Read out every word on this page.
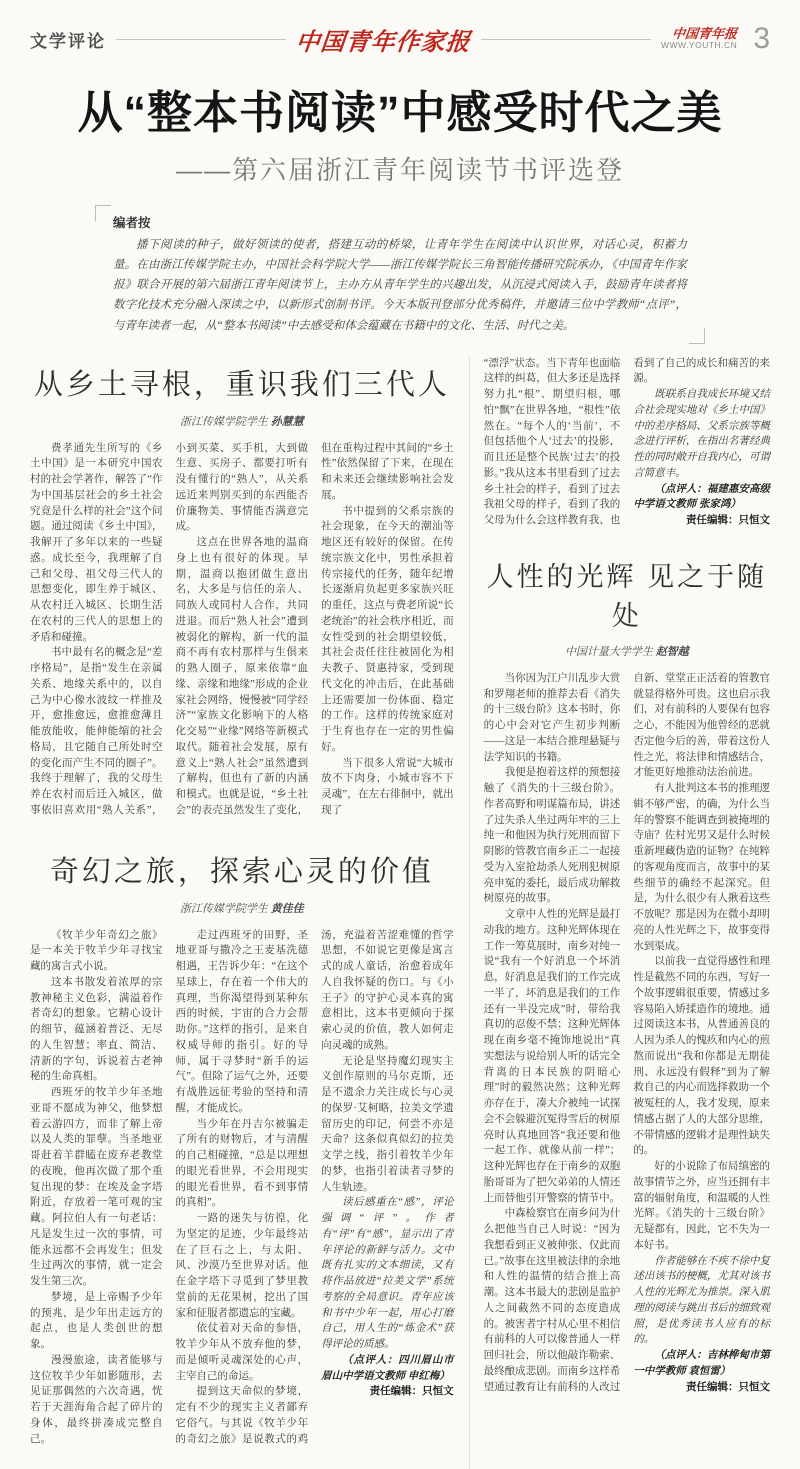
文学评论	中国青年作家报	中国青年报
WWW.YOUTH.CN 3
从“整本书阅读”中感受时代之美
——第六届浙江青年阅读节书评选登

编者按

播下阅读的种子，做好领读的使者，搭建互动的桥梁，让青年学生在阅读中认识世界，对话心灵，积蓄力量。在由浙江传媒学院主办，中国社会科学院大学——浙江传媒学院长三角智能传播研究院承办，《中国青年作家报》联合开展的第六届浙江青年阅读节上，主办方从青年学生的兴趣出发，从沉浸式阅读入手，鼓励青年读者将数字化技术充分融入深读之中，以新形式创制书评。今天本版刊登部分优秀稿件，并邀请三位中学教师“点评”，与青年读者一起，从“整本书阅读”中去感受和体会蕴藏在书籍中的文化、生活、时代之美。

从乡土寻根，重识我们三代人

浙江传媒学院学生 孙慧慧

费孝通先生所写的《乡土中国》是一本研究中国农村的社会学著作，解答了“作为中国基层社会的乡土社会究竟是什么样的社会”这个问题。通过阅读《乡土中国》，我解开了多年以来的一些疑惑。成长至今，我理解了自己和父母、祖父母三代人的思想变化，即生养于城区、从农村迁入城区、长期生活在农村的三代人的思想上的矛盾和碰撞。

书中最有名的概念是“差序格局”，是指“发生在亲属关系、地缘关系中的，以自己为中心像水波纹一样推及开，愈推愈远，愈推愈薄且能放能收，能伸能缩的社会格局，且它随自己所处时空的变化而产生不同的圈子”。我终于理解了，我的父母生养在农村而后迁入城区，做事依旧喜欢用“熟人关系”，小到买菜、买手机，大到做生意、买房子、都要打听有没有懂行的“熟人”，从关系远近来判别买到的东西能否价廉物美、事情能否满意完成。

这点在世界各地的温商身上也有很好的体现。早期，温商以抱团做生意出名，大多是与信任的亲人、同族人或同村人合作，共同进退。而后“熟人社会”遭到被弱化的解构，新一代的温商不再有农村那样与生俱来的熟人圈子，原来依靠“血缘、亲缘和地缘”形成的企业家社会网络，慢慢被“同学经济”“家族文化影响下的人格化交易”“业缘”网络等新模式取代。随着社会发展，原有意义上“熟人社会”虽然遭到了解构，但也有了新的内涵和模式。也就是说，“乡土社会”的表壳虽然发生了变化，但在重构过程中其间的“乡土性”依然保留了下来，在现在和未来还会继续影响社会发展。

书中提到的父系宗族的社会现象，在今天的潮汕等地区还有较好的保留。在传统宗族文化中，男性承担着传宗接代的任务，随年纪增长逐渐肩负起更多家族兴旺的重任，这点与费老所说“长老统治”的社会秩序相近，而女性受到的社会期望较低，其社会责任往往被固化为相夫教子、贤惠持家，受到现代文化的冲击后，在此基础上还需要加一份体面、稳定的工作。这样的传统家庭对于生育也存在一定的男性偏好。

当下很多人常说“大城市放不下肉身，小城市容不下灵魂”，在左右徘徊中，就出现了

奇幻之旅，探索心灵的价值

浙江传媒学院学生 黄佳佳

《牧羊少年奇幻之旅》是一本关于牧羊少年寻找宝藏的寓言式小说。

这本书散发着浓厚的宗教神秘主义色彩，满溢着作者奇幻的想象。它精心设计的细节，蕴涵着普泛、无尽的人生智慧；率直、简洁、清新的字句，诉说着古老神秘的生命真相。

西班牙的牧羊少年圣地亚哥不愿成为神父，他梦想着云游四方，而非了解上帝以及人类的罪孽。当圣地亚哥赶着羊群瞌在废弃老教堂的夜晚，他再次做了那个重复出现的梦：在埃及金字塔附近，存放着一笔可观的宝藏。阿拉伯人有一句老话：凡是发生过一次的事情，可能永远都不会再发生；但发生过两次的事情，就一定会发生第三次。

梦境，是上帝赐予少年的预兆，是少年出走远方的起点，也是人类创世的想象。

漫漫旅途，读者能够与这位牧羊少年如影随形，去见证那偶然的六次奇遇，恍若于天涯海角合起了碎片的身体，最终拼凑成完整自己。

走过西班牙的田野，圣地亚哥与撒冷之王麦基洗德相遇，王告诉少年：“在这个星球上，存在着一个伟大的真理，当你渴望得到某种东西的时候，宇宙的合力会帮助你。”这样的指引，是来自权威导师的指引。好的导师，属于寻梦时“新手的运气”。但除了运气之外，还要有战胜远征考验的坚持和清醒，才能成长。

当少年在丹吉尔被骗走了所有的财物后，才与清醒的自己相碰撞，“总是以理想的眼光看世界，不会用现实的眼光看世界，看不到事情的真相”。

一路的迷失与彷徨，化为坚定的足迹，少年最终站在了巨石之上，与太阳、风、沙漠乃至世界对话。他在金字塔下寻觅到了梦里教堂前的无花果树，挖出了国家和征服者都遗忘的宝藏。

依仗着对天命的参悟，牧羊少年从不放弃他的梦，而是倾听灵魂深处的心声，主宰自己的命运。

提到这天命似的梦境，定有不少的现实主义者鄙弃它俗气。与其说《牧羊少年的奇幻之旅》是说教式的鸡汤，充溢着苦涩难懂的哲学思想，不如说它更像是寓言式的成人童话，治愈着成年人自我怀疑的伤口。与《小王子》的守护心灵本真的寓意相比，这本书更倾向于探索心灵的价值，教人如何走向灵魂的成熟。

无论是坚持魔幻现实主义创作原则的马尔克斯，还是不遗余力关注成长与心灵的保罗·艾柯略，拉美文学遗留历史的印记，何尝不亦是天命？这条似真似幻的拉美文学之线，指引着牧羊少年的梦，也指引着读者寻梦的人生轨迹。

读后感重在“感”，评论强调“评”。作者有“评”有“感”，显示出了青年评论的新鲜与活力。文中既有扎实的文本细读，又有将作品放进“拉美文学”系统考察的全局意识。青年应该和书中少年一起，用心打磨自己，用人生的“炼金术”获得评论的质感。

（点评人：四川眉山市眉山中学语文教师 申红梅）

责任编辑：只恒文

“漂浮”状态。当下青年也面临这样的纠葛，但大多还是选择努力扎“根”、期望归根，哪怕“飘”在世界各地，“根性”依然在。“每个人的‘当前’，不但包括他个人‘过去’的投影，而且还是整个民族‘过去’的投影。”我从这本书里看到了过去乡土社会的样子，看到了过去我祖父母的样子，看到了我的父母为什么会这样教育我、也看到了自己的成长和痛苦的来源。

既联系自我成长环境又结合社会现实地对《乡土中国》中的差序格局、父系宗族等概念进行评析，在指出名著经典性的同时敞开自我内心，可谓言简意丰。

（点评人：福建惠安高级中学语文教师 张家鸿）

责任编辑：只恒文

人性的光辉 见之于随处

中国计量大学学生 赵智越

当你因为江户川乱步大赏和罗翔老师的推荐去看《消失的十三级台阶》这本书时，你的心中会对它产生初步判断——这是一本结合推理悬疑与法学知识的书籍。

我便是抱着这样的预想接触了《消失的十三级台阶》。作者高野和明谋篇布局，讲述了过失杀人坐过两年牢的三上纯一和他因为执行死刑而留下阴影的管教官南乡正二一起接受为入室抢劫杀人死刑犯树原亮申冤的委托，最后成功解救树原亮的故事。

文章中人性的光辉是最打动我的地方。这种光辉体现在工作一筹莫展时，南乡对纯一说“我有一个好消息一个坏消息，好消息是我们的工作完成一半了，坏消息是我们的工作还有一半没完成”时，带给我真切的忍俊不禁；这种光辉体现在南乡毫不掩饰地说出“真实想法与说给别人听的话完全背离的日本民族的阴暗心理”时的毅然决然；这种光辉亦存在于，凑大介被纯一试探会不会躲避沉冤得雪后的树原亮时认真地回答“我还要和他一起工作、就像从前一样”；这种光辉也存在于南乡的双胞胎哥哥为了把欠弟弟的人情还上而替他引开警察的情节中。

中森检察官在南乡问为什么把他当自己人时说：“因为我想看到正义被伸张、仅此而已。”故事在这里被法律的余地和人性的温情的结合推上高潮。这本书最大的悲剧是监护人之间截然不同的态度造成的。被害者宇村从心里不相信有前科的人可以像普通人一样回归社会，所以他敲诈勒索、最终酿成悲剧。而南乡这样希望通过教育让有前科的人改过自新、堂堂正正活着的管教官就显得格外可贵。这也启示我们，对有前科的人要保有包容之心，不能因为他曾经的恶就否定他今后的善，带着这份人性之光，将法律和情感结合，才能更好地推动法治前进。

有人批判这本书的推理逻辑不够严密，的确，为什么当年的警察不能调查到被掩埋的寺庙？佐村光男又是什么时候重新埋藏伪造的证物？在纯粹的客观角度而言，故事中的某些细节的确经不起深究。但是，为什么很少有人揪着这些不放呢？那是因为在微小却明亮的人性光辉之下，故事变得水到渠成。

以前我一直觉得感性和理性是截然不同的东西，写好一个故事逻辑很重要，情感过多容易陷入矫揉造作的境地。通过阅读这本书，从普通善良的人因为杀人的愧疚和内心的煎熬而说出“我和你都是无期徒刑、永远没有假释”到为了解救自己的内心而选择救助一个被冤枉的人，我才发现，原来情感占据了人的大部分思维，不带情感的逻辑才是理性缺失的。

好的小说除了布局缜密的故事情节之外，应当还拥有丰富的辐射角度，和温暖的人性光辉。《消失的十三级台阶》无疑都有，因此，它不失为一本好书。

作者能够在不疾不徐中复述出该书的梗概，尤其对该书人性的光辉尤为推崇。深入肌理的阅读与跳出书后的细致观照，是优秀读书人应有的标的。

（点评人：吉林桦甸市第一中学教师 袁恒雷）

责任编辑：只恒文
